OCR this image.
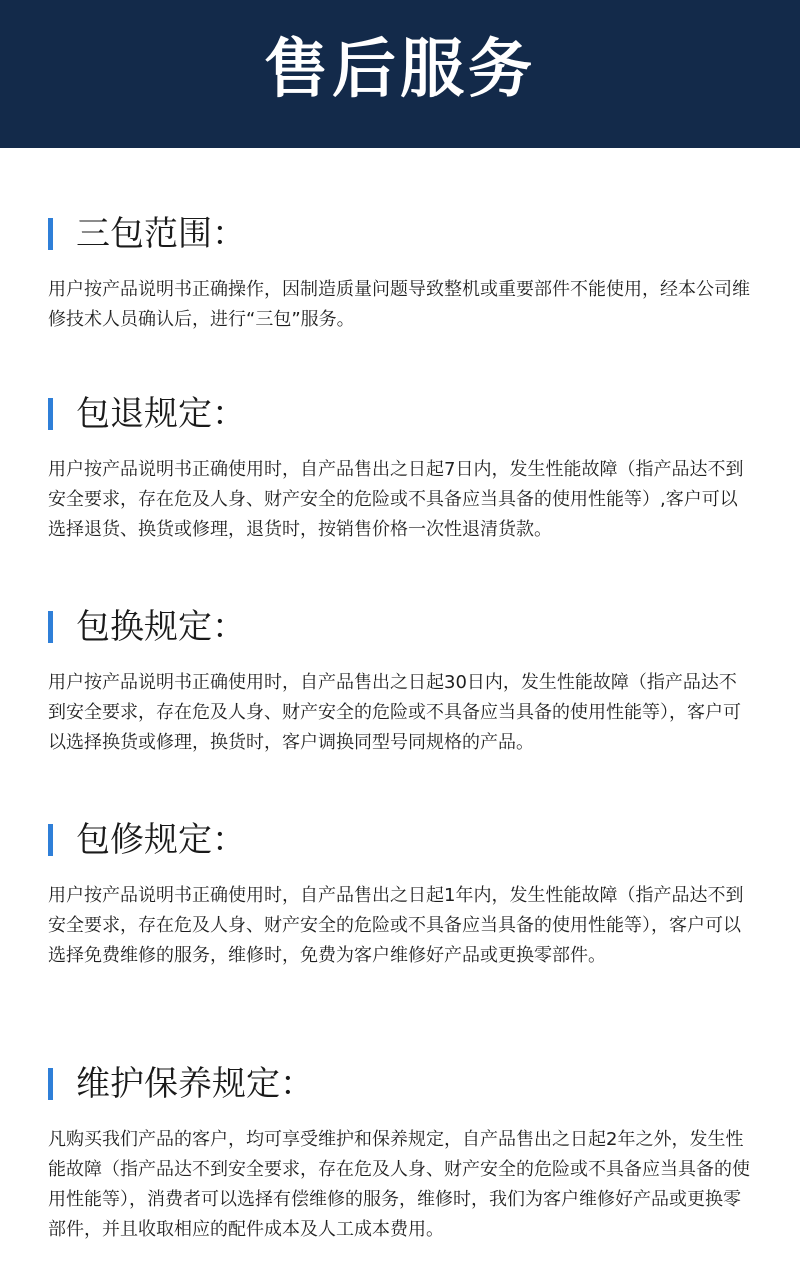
售后服务
三包范围：

用户按产品说明书正确操作，因制造质量问题导致整机或重要部件不能使用，经本公司维修技术人员确认后，进行“三包”服务。

包退规定：

用户按产品说明书正确使用时，自产品售出之日起7日内，发生性能故障（指产品达不到安全要求，存在危及人身、财产安全的危险或不具备应当具备的使用性能等）,客户可以选择退货、换货或修理，退货时，按销售价格一次性退清货款。

包换规定：

用户按产品说明书正确使用时，自产品售出之日起30日内，发生性能故障（指产品达不到安全要求，存在危及人身、财产安全的危险或不具备应当具备的使用性能等），客户可以选择换货或修理，换货时，客户调换同型号同规格的产品。

包修规定：

用户按产品说明书正确使用时，自产品售出之日起1年内，发生性能故障（指产品达不到安全要求，存在危及人身、财产安全的危险或不具备应当具备的使用性能等），客户可以选择免费维修的服务，维修时，免费为客户维修好产品或更换零部件。

维护保养规定：

凡购买我们产品的客户，均可享受维护和保养规定，自产品售出之日起2年之外，发生性能故障（指产品达不到安全要求，存在危及人身、财产安全的危险或不具备应当具备的使用性能等），消费者可以选择有偿维修的服务，维修时，我们为客户维修好产品或更换零部件，并且收取相应的配件成本及人工成本费用。
